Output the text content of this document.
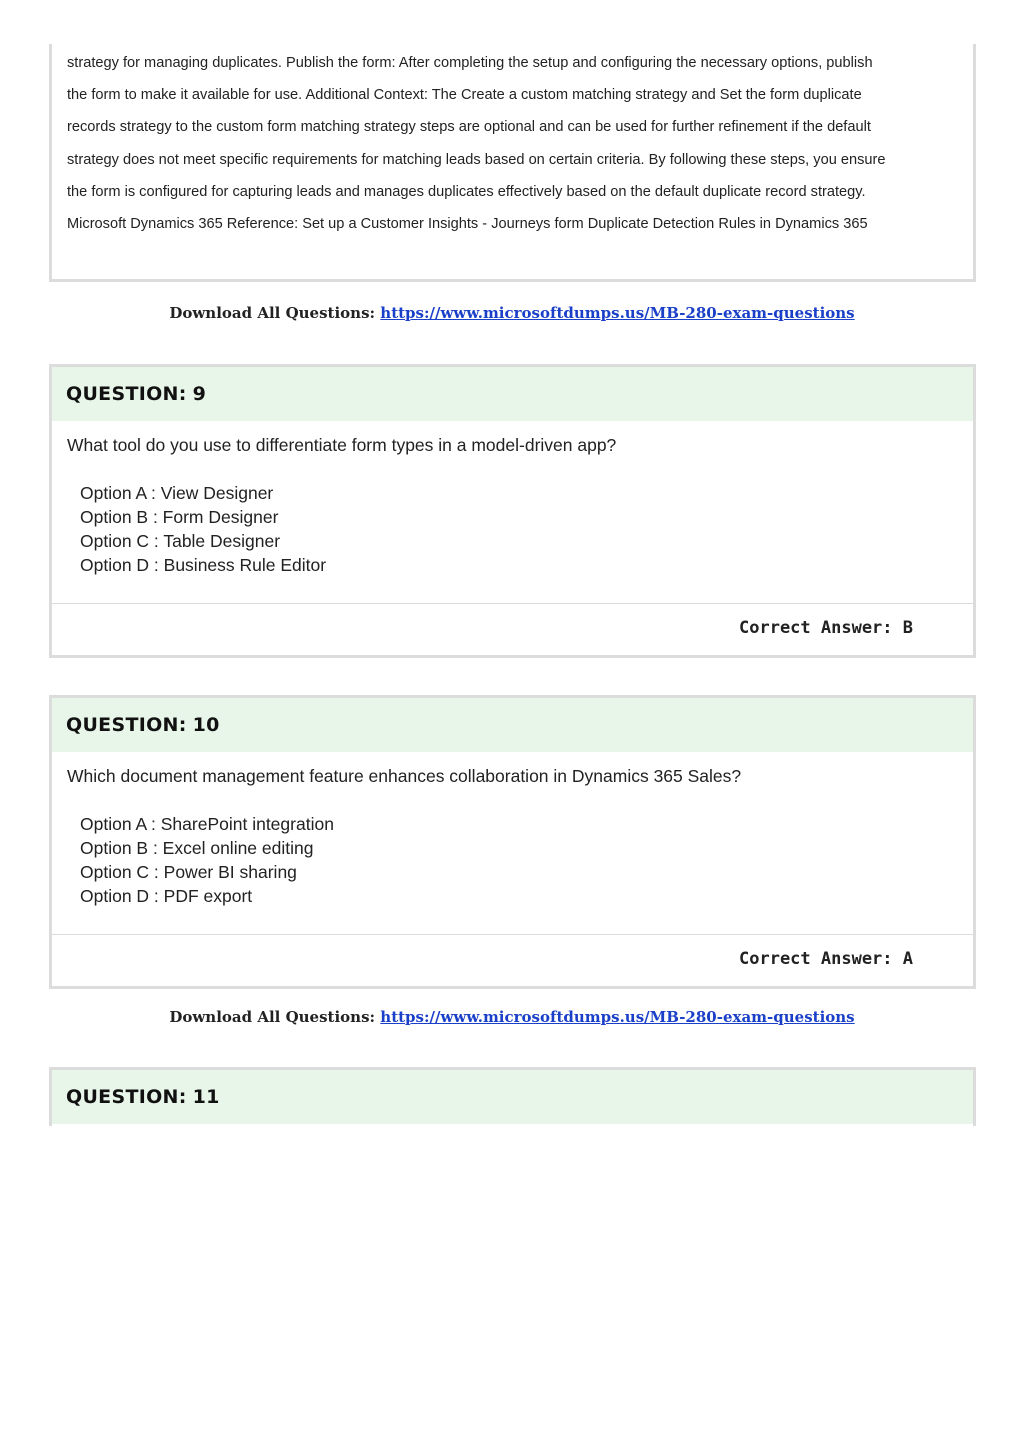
strategy for managing duplicates. Publish the form: After completing the setup and configuring the necessary options, publish
the form to make it available for use. Additional Context: The Create a custom matching strategy and Set the form duplicate
records strategy to the custom form matching strategy steps are optional and can be used for further refinement if the default
strategy does not meet specific requirements for matching leads based on certain criteria. By following these steps, you ensure
the form is configured for capturing leads and manages duplicates effectively based on the default duplicate record strategy.
Microsoft Dynamics 365 Reference: Set up a Customer Insights - Journeys form Duplicate Detection Rules in Dynamics 365
Download All Questions: https://www.microsoftdumps.us/MB-280-exam-questions
QUESTION: 9
What tool do you use to differentiate form types in a model-driven app?
Option A : View Designer
Option B : Form Designer
Option C : Table Designer
Option D : Business Rule Editor
Correct Answer: B
QUESTION: 10
Which document management feature enhances collaboration in Dynamics 365 Sales?
Option A : SharePoint integration
Option B : Excel online editing
Option C : Power BI sharing
Option D : PDF export
Correct Answer: A
Download All Questions: https://www.microsoftdumps.us/MB-280-exam-questions
QUESTION: 11
